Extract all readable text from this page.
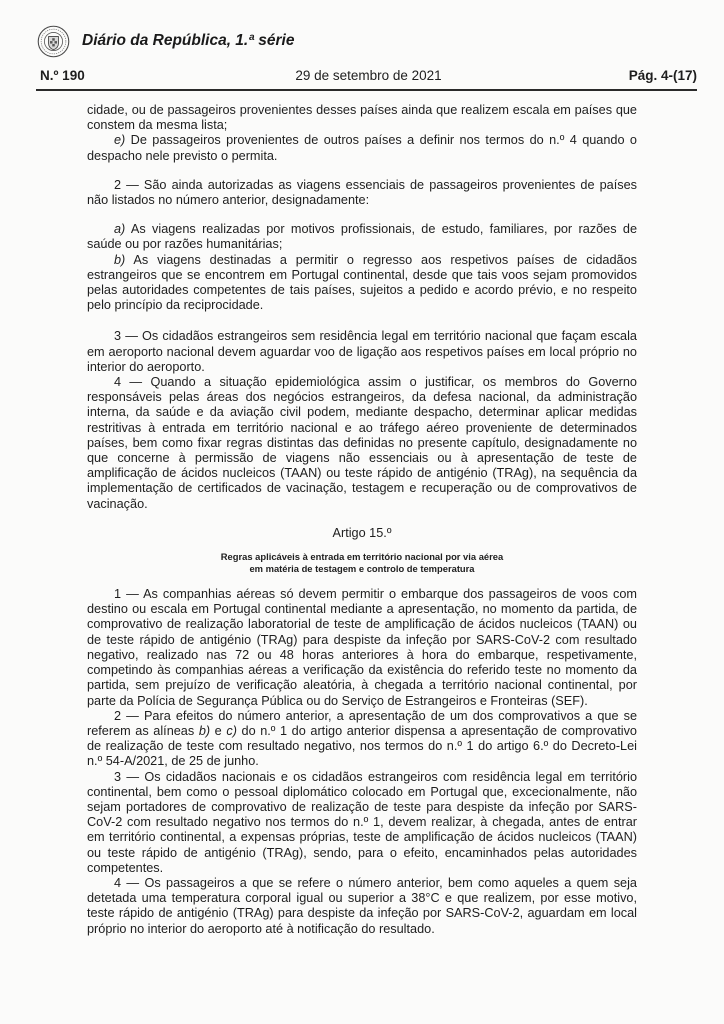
Diário da República, 1.ª série
N.º 190	29 de setembro de 2021	Pág. 4-(17)

cidade, ou de passageiros provenientes desses países ainda que realizem escala em países que constem da mesma lista;

e) De passageiros provenientes de outros países a definir nos termos do n.º 4 quando o despacho nele previsto o permita.

2 — São ainda autorizadas as viagens essenciais de passageiros provenientes de países não listados no número anterior, designadamente:

a) As viagens realizadas por motivos profissionais, de estudo, familiares, por razões de saúde ou por razões humanitárias;

b) As viagens destinadas a permitir o regresso aos respetivos países de cidadãos estrangeiros que se encontrem em Portugal continental, desde que tais voos sejam promovidos pelas autoridades competentes de tais países, sujeitos a pedido e acordo prévio, e no respeito pelo princípio da reciprocidade.

3 — Os cidadãos estrangeiros sem residência legal em território nacional que façam escala em aeroporto nacional devem aguardar voo de ligação aos respetivos países em local próprio no interior do aeroporto.

4 — Quando a situação epidemiológica assim o justificar, os membros do Governo responsáveis pelas áreas dos negócios estrangeiros, da defesa nacional, da administração interna, da saúde e da aviação civil podem, mediante despacho, determinar aplicar medidas restritivas à entrada em território nacional e ao tráfego aéreo proveniente de determinados países, bem como fixar regras distintas das definidas no presente capítulo, designadamente no que concerne à permissão de viagens não essenciais ou à apresentação de teste de amplificação de ácidos nucleicos (TAAN) ou teste rápido de antigénio (TRAg), na sequência da implementação de certificados de vacinação, testagem e recuperação ou de comprovativos de vacinação.

Artigo 15.º

Regras aplicáveis à entrada em território nacional por via aérea
em matéria de testagem e controlo de temperatura

1 — As companhias aéreas só devem permitir o embarque dos passageiros de voos com destino ou escala em Portugal continental mediante a apresentação, no momento da partida, de comprovativo de realização laboratorial de teste de amplificação de ácidos nucleicos (TAAN) ou de teste rápido de antigénio (TRAg) para despiste da infeção por SARS-CoV-2 com resultado negativo, realizado nas 72 ou 48 horas anteriores à hora do embarque, respetivamente, competindo às companhias aéreas a verificação da existência do referido teste no momento da partida, sem prejuízo de verificação aleatória, à chegada a território nacional continental, por parte da Polícia de Segurança Pública ou do Serviço de Estrangeiros e Fronteiras (SEF).

2 — Para efeitos do número anterior, a apresentação de um dos comprovativos a que se referem as alíneas b) e c) do n.º 1 do artigo anterior dispensa a apresentação de comprovativo de realização de teste com resultado negativo, nos termos do n.º 1 do artigo 6.º do Decreto-Lei n.º 54-A/2021, de 25 de junho.

3 — Os cidadãos nacionais e os cidadãos estrangeiros com residência legal em território continental, bem como o pessoal diplomático colocado em Portugal que, excecionalmente, não sejam portadores de comprovativo de realização de teste para despiste da infeção por SARS-CoV-2 com resultado negativo nos termos do n.º 1, devem realizar, à chegada, antes de entrar em território continental, a expensas próprias, teste de amplificação de ácidos nucleicos (TAAN) ou teste rápido de antigénio (TRAg), sendo, para o efeito, encaminhados pelas autoridades competentes.

4 — Os passageiros a que se refere o número anterior, bem como aqueles a quem seja detetada uma temperatura corporal igual ou superior a 38°C e que realizem, por esse motivo, teste rápido de antigénio (TRAg) para despiste da infeção por SARS-CoV-2, aguardam em local próprio no interior do aeroporto até à notificação do resultado.
